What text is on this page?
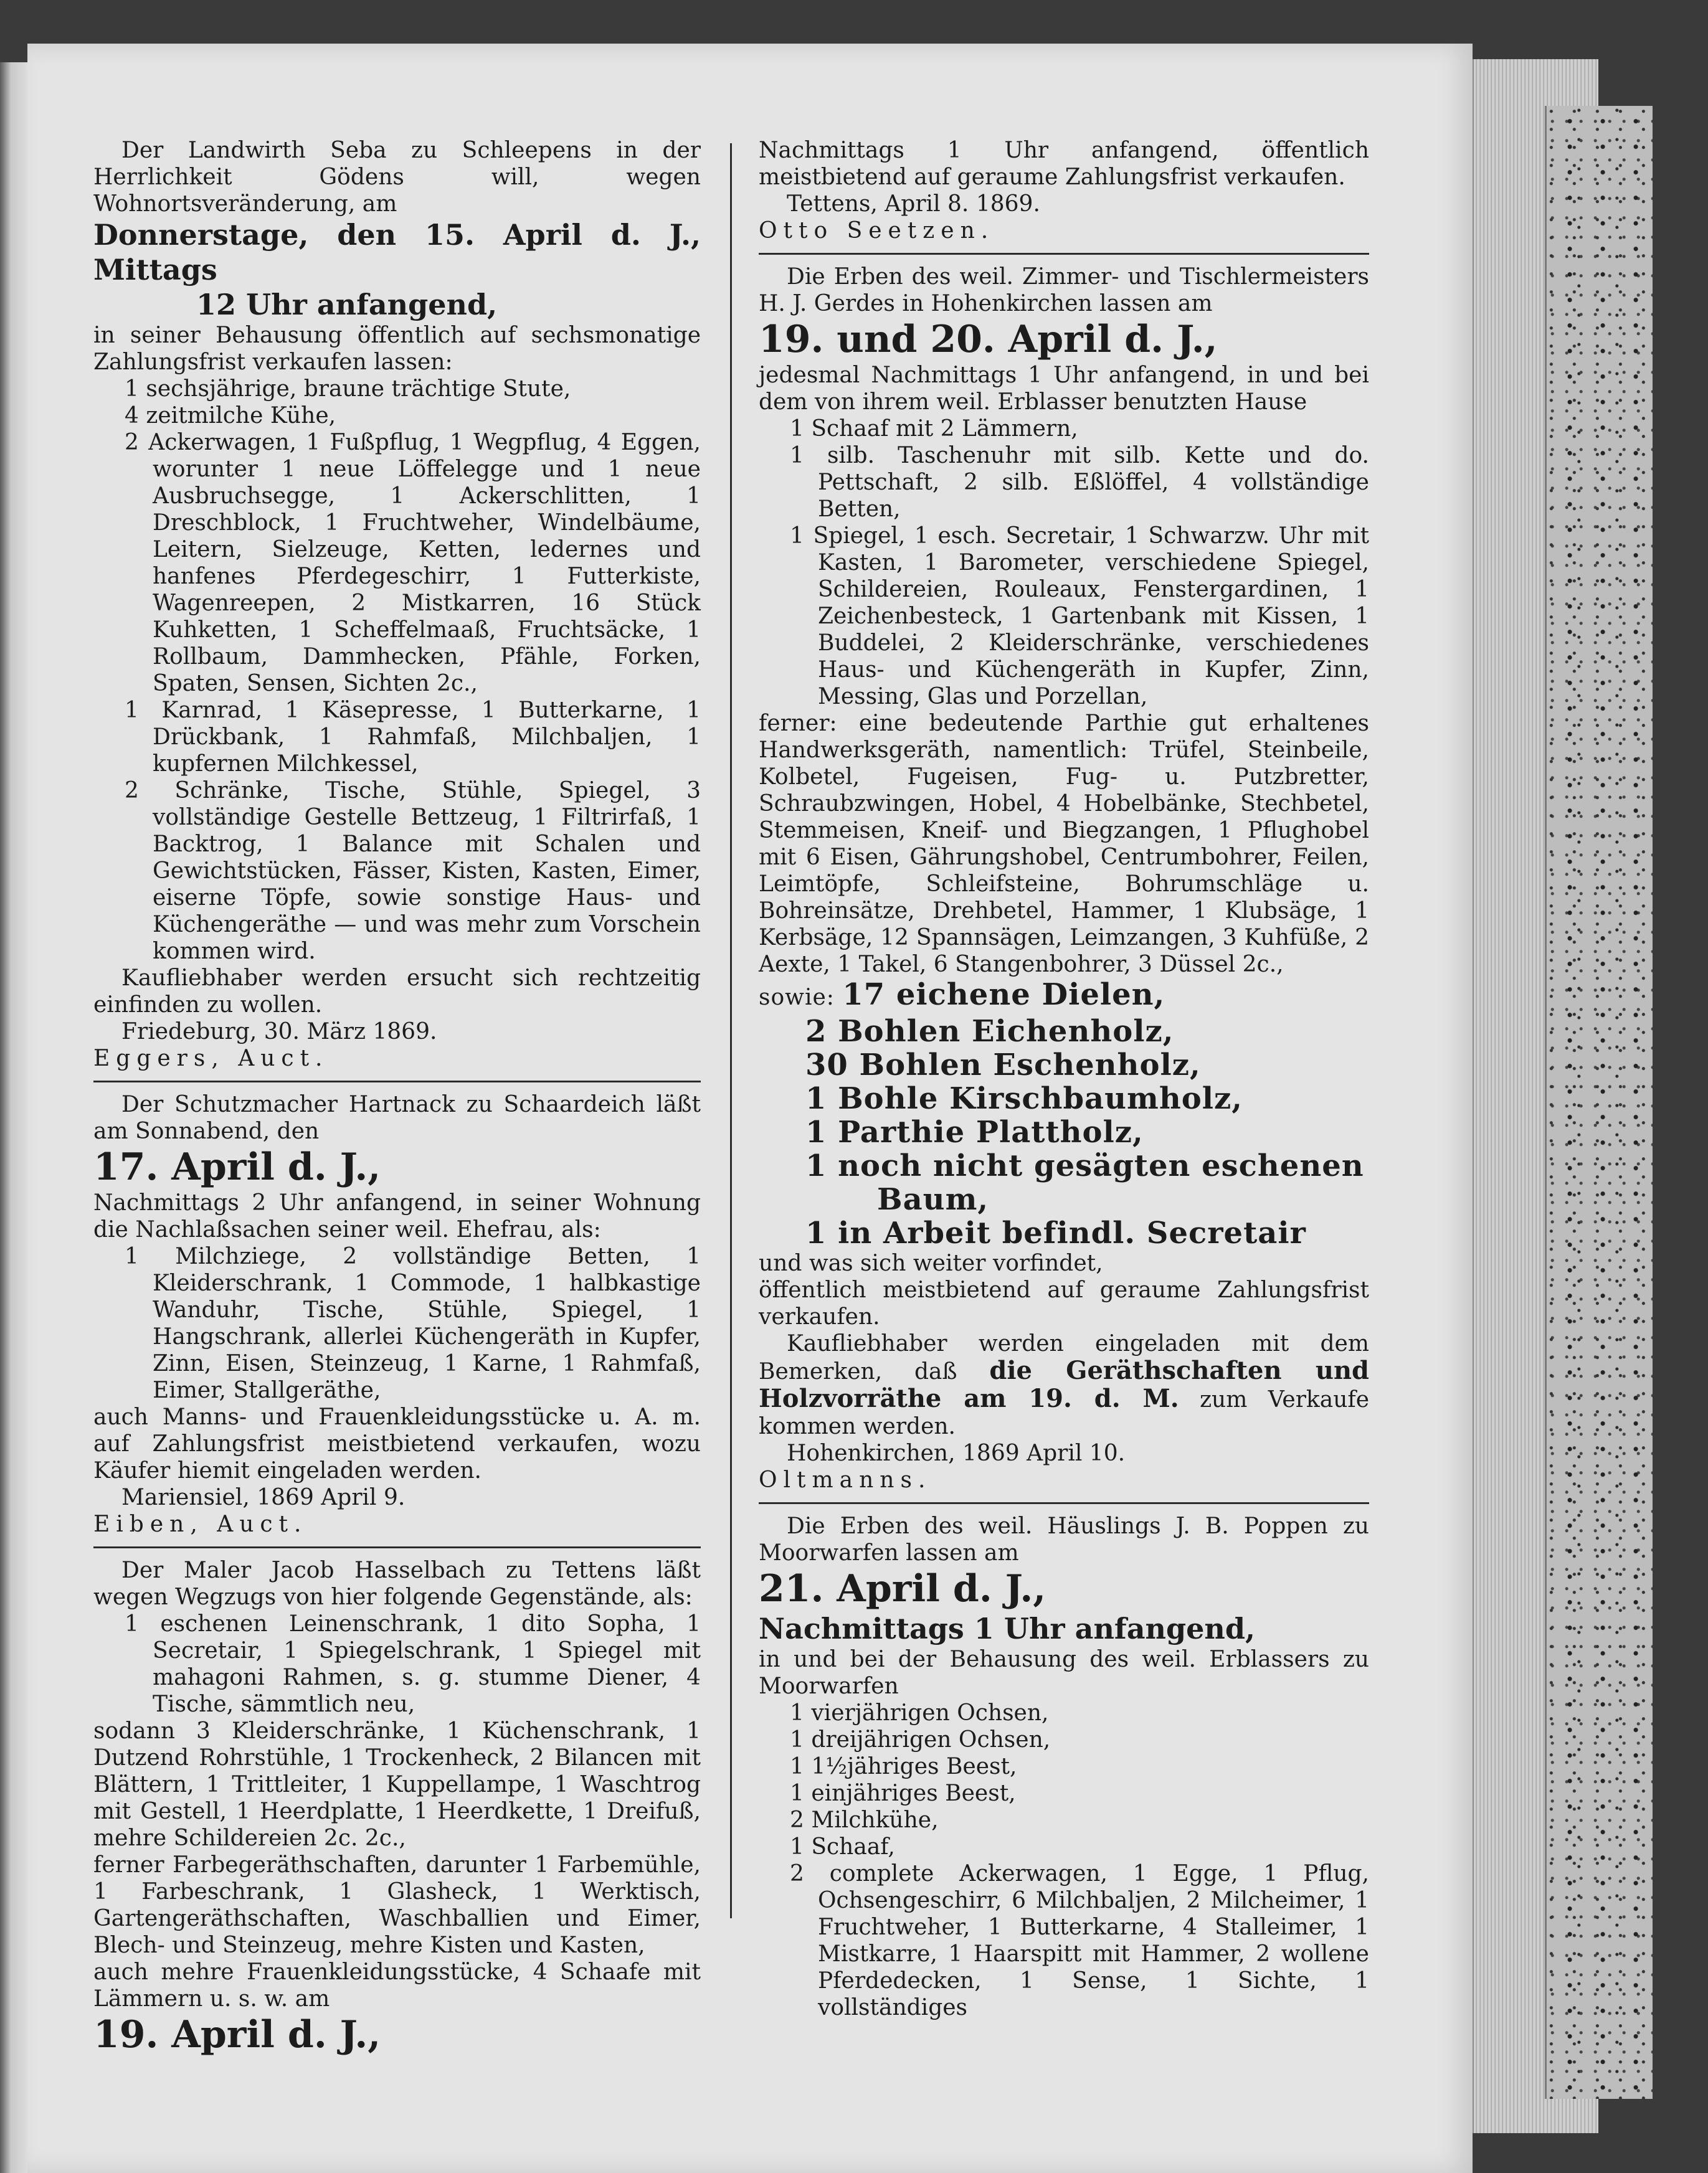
Der Landwirth Seba zu Schleepens in der Herrlichkeit Gödens will, wegen Wohnortsveränderung, am

Donnerstage, den 15. April d. J., Mittags

12 Uhr anfangend,

in seiner Behausung öffentlich auf sechsmonatige Zahlungsfrist verkaufen lassen:

1 sechsjährige, braune trächtige Stute,

4 zeitmilche Kühe,

2 Ackerwagen, 1 Fußpflug, 1 Wegpflug, 4 Eggen, worunter 1 neue Löffelegge und 1 neue Ausbruchsegge, 1 Ackerschlitten, 1 Dreschblock, 1 Fruchtweher, Windelbäume, Leitern, Sielzeuge, Ketten, ledernes und hanfenes Pferdegeschirr, 1 Futterkiste, Wagenreepen, 2 Mistkarren, 16 Stück Kuhketten, 1 Scheffelmaaß, Fruchtsäcke, 1 Rollbaum, Dammhecken, Pfähle, Forken, Spaten, Sensen, Sichten 2c.,

1 Karnrad, 1 Käsepresse, 1 Butterkarne, 1 Drückbank, 1 Rahmfaß, Milchbaljen, 1 kupfernen Milchkessel,

2 Schränke, Tische, Stühle, Spiegel, 3 vollständige Gestelle Bettzeug, 1 Filtrirfaß, 1 Backtrog, 1 Balance mit Schalen und Gewichtstücken, Fässer, Kisten, Kasten, Eimer, eiserne Töpfe, sowie sonstige Haus- und Küchengeräthe — und was mehr zum Vorschein kommen wird.

Kaufliebhaber werden ersucht sich rechtzeitig einfinden zu wollen.

Friedeburg, 30. März 1869.

Eggers, Auct.

Der Schutzmacher Hartnack zu Schaardeich läßt am Sonnabend, den

17. April d. J.,

Nachmittags 2 Uhr anfangend, in seiner Wohnung die Nachlaßsachen seiner weil. Ehefrau, als:

1 Milchziege, 2 vollständige Betten, 1 Kleiderschrank, 1 Commode, 1 halbkastige Wanduhr, Tische, Stühle, Spiegel, 1 Hangschrank, allerlei Küchengeräth in Kupfer, Zinn, Eisen, Steinzeug, 1 Karne, 1 Rahmfaß, Eimer, Stallgeräthe,

auch Manns- und Frauenkleidungsstücke u. A. m. auf Zahlungsfrist meistbietend verkaufen, wozu Käufer hiemit eingeladen werden.

Mariensiel, 1869 April 9.

Eiben, Auct.

Der Maler Jacob Hasselbach zu Tettens läßt wegen Wegzugs von hier folgende Gegenstände, als:

1 eschenen Leinenschrank, 1 dito Sopha, 1 Secretair, 1 Spiegelschrank, 1 Spiegel mit mahagoni Rahmen, s. g. stumme Diener, 4 Tische, sämmtlich neu,

sodann 3 Kleiderschränke, 1 Küchenschrank, 1 Dutzend Rohrstühle, 1 Trockenheck, 2 Bilancen mit Blättern, 1 Trittleiter, 1 Kuppellampe, 1 Waschtrog mit Gestell, 1 Heerdplatte, 1 Heerdkette, 1 Dreifuß, mehre Schildereien 2c. 2c.,

ferner Farbegeräthschaften, darunter 1 Farbemühle, 1 Farbeschrank, 1 Glasheck, 1 Werktisch, Gartengeräthschaften, Waschballien und Eimer, Blech- und Steinzeug, mehre Kisten und Kasten,

auch mehre Frauenkleidungsstücke, 4 Schaafe mit Lämmern u. s. w. am

19. April d. J.,

Nachmittags 1 Uhr anfangend, öffentlich meistbietend auf geraume Zahlungsfrist verkaufen.

Tettens, April 8. 1869.

Otto Seetzen.

Die Erben des weil. Zimmer- und Tischlermeisters H. J. Gerdes in Hohenkirchen lassen am

19. und 20. April d. J.,

jedesmal Nachmittags 1 Uhr anfangend, in und bei dem von ihrem weil. Erblasser benutzten Hause

1 Schaaf mit 2 Lämmern,

1 silb. Taschenuhr mit silb. Kette und do. Pettschaft, 2 silb. Eßlöffel, 4 vollständige Betten,

1 Spiegel, 1 esch. Secretair, 1 Schwarzw. Uhr mit Kasten, 1 Barometer, verschiedene Spiegel, Schildereien, Rouleaux, Fenstergardinen, 1 Zeichenbesteck, 1 Gartenbank mit Kissen, 1 Buddelei, 2 Kleiderschränke, verschiedenes Haus- und Küchengeräth in Kupfer, Zinn, Messing, Glas und Porzellan,

ferner: eine bedeutende Parthie gut erhaltenes Handwerksgeräth, namentlich: Trüfel, Steinbeile, Kolbetel, Fugeisen, Fug- u. Putzbretter, Schraubzwingen, Hobel, 4 Hobelbänke, Stechbetel, Stemmeisen, Kneif- und Biegzangen, 1 Pflughobel mit 6 Eisen, Gährungshobel, Centrumbohrer, Feilen, Leimtöpfe, Schleifsteine, Bohrumschläge u. Bohreinsätze, Drehbetel, Hammer, 1 Klubsäge, 1 Kerbsäge, 12 Spannsägen, Leimzangen, 3 Kuhfüße, 2 Aexte, 1 Takel, 6 Stangenbohrer, 3 Düssel 2c.,

sowie: 17 eichene Dielen,

2 Bohlen Eichenholz,

30 Bohlen Eschenholz,

1 Bohle Kirschbaumholz,

1 Parthie Plattholz,

1 noch nicht gesägten eschenen

Baum,

1 in Arbeit befindl. Secretair

und was sich weiter vorfindet,

öffentlich meistbietend auf geraume Zahlungsfrist verkaufen.

Kaufliebhaber werden eingeladen mit dem Bemerken, daß die Geräthschaften und Holzvorräthe am 19. d. M. zum Verkaufe kommen werden.

Hohenkirchen, 1869 April 10.

Oltmanns.

Die Erben des weil. Häuslings J. B. Poppen zu Moorwarfen lassen am

21. April d. J.,

Nachmittags 1 Uhr anfangend,

in und bei der Behausung des weil. Erblassers zu Moorwarfen

1 vierjährigen Ochsen,

1 dreijährigen Ochsen,

1 1½jähriges Beest,

1 einjähriges Beest,

2 Milchkühe,

1 Schaaf,

2 complete Ackerwagen, 1 Egge, 1 Pflug, Ochsengeschirr, 6 Milchbaljen, 2 Milcheimer, 1 Fruchtweher, 1 Butterkarne, 4 Stalleimer, 1 Mistkarre, 1 Haarspitt mit Hammer, 2 wollene Pferdedecken, 1 Sense, 1 Sichte, 1 vollständiges
